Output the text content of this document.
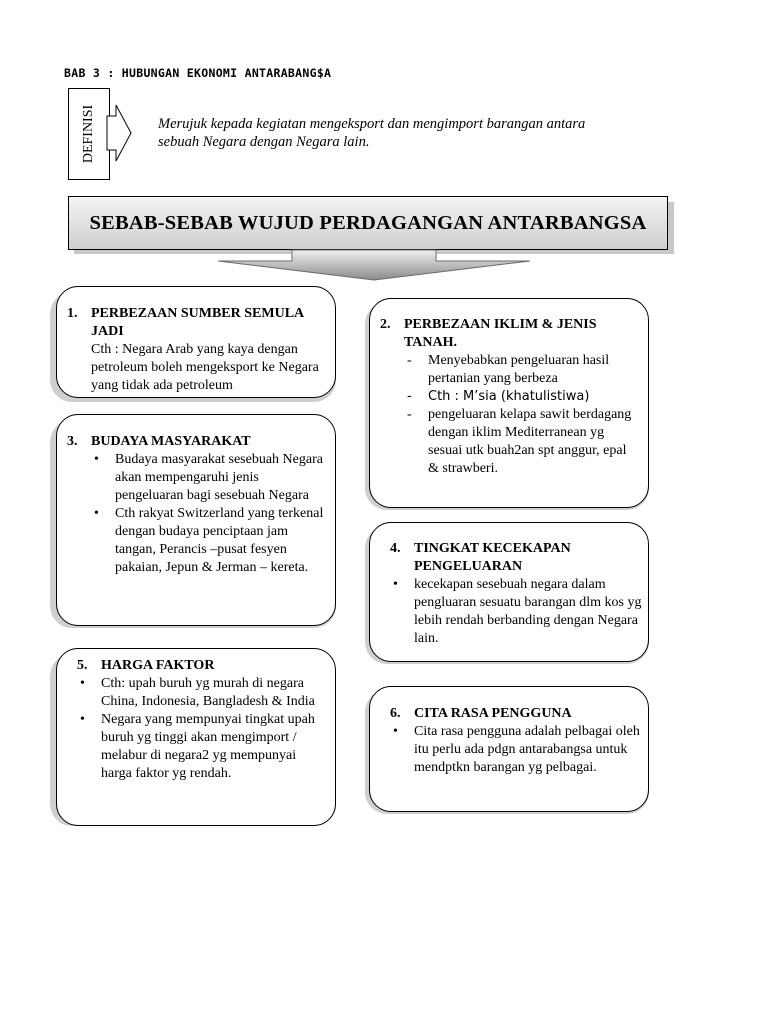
BAB 3 : HUBUNGAN EKONOMI ANTARABANG$A
DEFINISI	Merujuk kepada kegiatan mengeksport dan mengimport barangan antara
sebuah Negara dengan Negara lain.
SEBAB-SEBAB WUJUD PERDAGANGAN ANTARBANGSA
1. PERBEZAAN SUMBER SEMULA JADI
Cth : Negara Arab yang kaya dengan petroleum boleh mengeksport ke Negara yang tidak ada petroleum
2. PERBEZAAN IKLIM & JENIS TANAH.
- Menyebabkan pengeluaran hasil pertanian yang berbeza
- Cth : M’sia (khatulistiwa)
- pengeluaran kelapa sawit berdagang dengan iklim Mediterranean yg sesuai utk buah2an spt anggur, epal & strawberi.
3. BUDAYA MASYARAKAT
• Budaya masyarakat sesebuah Negara akan mempengaruhi jenis pengeluaran bagi sesebuah Negara
• Cth rakyat Switzerland yang terkenal dengan budaya penciptaan jam tangan, Perancis –pusat fesyen pakaian, Jepun & Jerman – kereta.
4. TINGKAT KECEKAPAN PENGELUARAN
• kecekapan sesebuah negara dalam pengluaran sesuatu barangan dlm kos yg lebih rendah berbanding dengan Negara lain.
5. HARGA FAKTOR
• Cth: upah buruh yg murah di negara China, Indonesia, Bangladesh & India
• Negara yang mempunyai tingkat upah buruh yg tinggi akan mengimport / melabur di negara2 yg mempunyai harga faktor yg rendah.
6. CITA RASA PENGGUNA
• Cita rasa pengguna adalah pelbagai oleh itu perlu ada pdgn antarabangsa untuk mendptkn barangan yg pelbagai.
